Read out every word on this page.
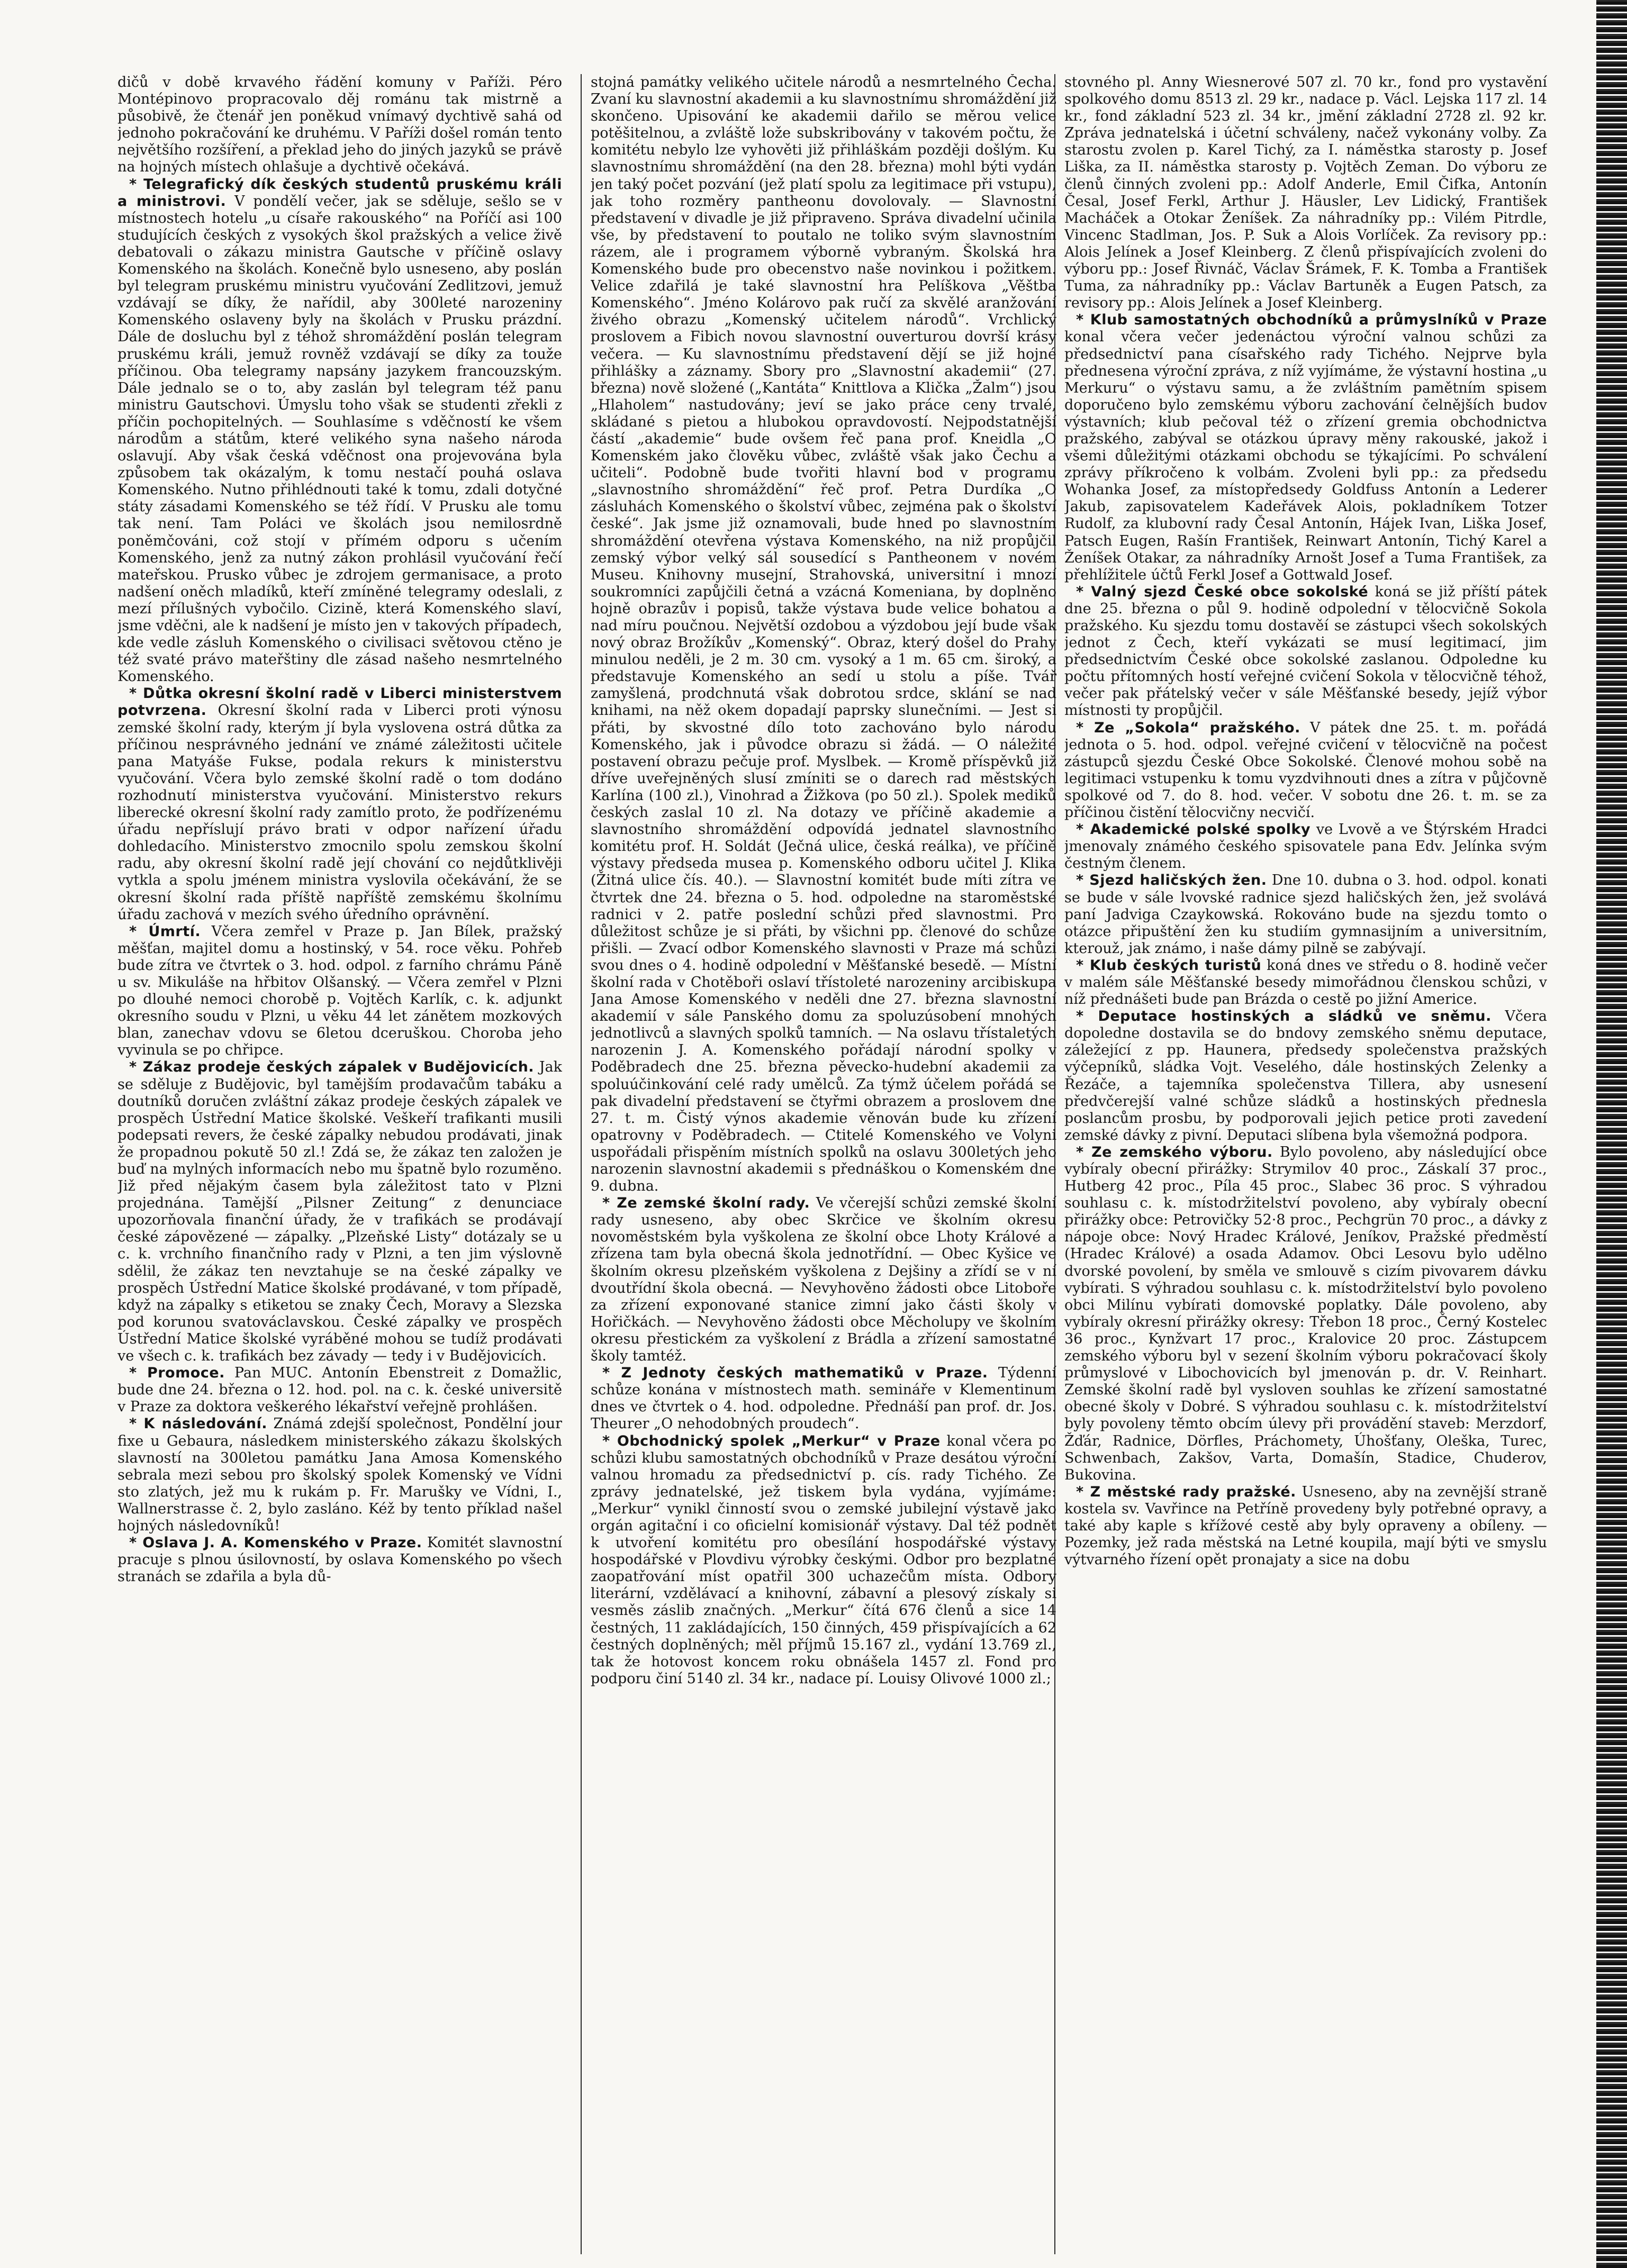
dičů v době krvavého řádění komuny v Paříži. Péro Montépinovo propracovalo děj románu tak mistrně a působivě, že čtenář jen poněkud vnímavý dychtivě sahá od jednoho pokračování ke druhému. V Paříži došel román tento největšího rozšíření, a překlad jeho do jiných jazyků se právě na hojných místech ohlašuje a dychtivě očekává.

* Telegrafický dík českých studentů pruskému králi a ministrovi. V pondělí večer, jak se sděluje, sešlo se v místnostech hotelu „u císaře rakouského“ na Poříčí asi 100 studujících českých z vysokých škol pražských a velice živě debatovali o zákazu ministra Gautsche v příčině oslavy Komenského na školách. Konečně bylo usneseno, aby poslán byl telegram pruskému ministru vyučování Zedlitzovi, jemuž vzdávají se díky, že nařídil, aby 300leté narozeniny Komenského oslaveny byly na školách v Prusku prázdní. Dále de dosluchu byl z téhož shromáždění poslán telegram pruskému králi, jemuž rovněž vzdávají se díky za touže příčinou. Oba telegramy napsány jazykem francouzským. Dále jednalo se o to, aby zaslán byl telegram též panu ministru Gautschovi. Úmyslu toho však se studenti zřekli z příčin pochopitelných. — Souhlasíme s vděčností ke všem národům a státům, které velikého syna našeho národa oslavují. Aby však česká vděčnost ona projevována byla způsobem tak okázalým, k tomu nestačí pouhá oslava Komenského. Nutno přihlédnouti také k tomu, zdali dotyčné státy zásadami Komenského se též řídí. V Prusku ale tomu tak není. Tam Poláci ve školách jsou nemilosrdně poněmčováni, což stojí v přímém odporu s učením Komenského, jenž za nutný zákon prohlásil vyučování řečí mateřskou. Prusko vůbec je zdrojem germanisace, a proto nadšení oněch mladíků, kteří zmíněné telegramy odeslali, z mezí přílušných vybočilo. Cizině, která Komenského slaví, jsme vděčni, ale k nadšení je místo jen v takových případech, kde vedle zásluh Komenského o civilisaci světovou ctěno je též svaté právo mateřštiny dle zásad našeho nesmrtelného Komenského.

* Důtka okresní školní radě v Liberci ministerstvem potvrzena. Okresní školní rada v Liberci proti výnosu zemské školní rady, kterým jí byla vyslovena ostrá důtka za příčinou nesprávného jednání ve známé záležitosti učitele pana Matyáše Fukse, podala rekurs k ministerstvu vyučování. Včera bylo zemské školní radě o tom dodáno rozhodnutí ministerstva vyučování. Ministerstvo rekurs liberecké okresní školní rady zamítlo proto, že podřízenému úřadu nepříslují právo brati v odpor nařízení úřadu dohledacího. Ministerstvo zmocnilo spolu zemskou školní radu, aby okresní školní radě její chování co nejdůtklivěji vytkla a spolu jménem ministra vyslovila očekávání, že se okresní školní rada příště napříště zemskému školnímu úřadu zachová v mezích svého úředního oprávnění.

* Úmrtí. Včera zemřel v Praze p. Jan Bílek, pražský měšťan, majitel domu a hostinský, v 54. roce věku. Pohřeb bude zítra ve čtvrtek o 3. hod. odpol. z farního chrámu Páně u sv. Mikuláše na hřbitov Olšanský. — Včera zemřel v Plzni po dlouhé nemoci chorobě p. Vojtěch Karlík, c. k. adjunkt okresního soudu v Plzni, u věku 44 let zánětem mozkových blan, zanechav vdovu se 6letou dceruškou. Choroba jeho vyvinula se po chřipce.

* Zákaz prodeje českých zápalek v Budějovicích. Jak se sděluje z Budějovic, byl tamějším prodavačům tabáku a doutníků doručen zvláštní zákaz prodeje českých zápalek ve prospěch Ústřední Matice školské. Veškeří trafikanti musili podepsati revers, že české zápalky nebudou prodávati, jinak že propadnou pokutě 50 zl.! Zdá se, že zákaz ten založen je buď na mylných informacích nebo mu špatně bylo rozuměno. Již před nějakým časem byla záležitost tato v Plzni projednána. Tamější „Pilsner Zeitung“ z denunciace upozorňovala finanční úřady, že v trafikách se prodávají české zápovězené — zápalky. „Plzeňské Listy“ dotázaly se u c. k. vrchního finančního rady v Plzni, a ten jim výslovně sdělil, že zákaz ten nevztahuje se na české zápalky ve prospěch Ústřední Matice školské prodávané, v tom případě, když na zápalky s etiketou se znaky Čech, Moravy a Slezska pod korunou svatováclavskou. České zápalky ve prospěch Ústřední Matice školské vyráběné mohou se tudíž prodávati ve všech c. k. trafikách bez závady — tedy i v Budějovicích.

* Promoce. Pan MUC. Antonín Ebenstreit z Domažlic, bude dne 24. března o 12. hod. pol. na c. k. české universitě v Praze za doktora veškerého lékařství veřejně prohlášen.

* K následování. Známá zdejší společnost, Pondělní jour fixe u Gebaura, následkem ministerského zákazu školských slavností na 300letou památku Jana Amosa Komenského sebrala mezi sebou pro školský spolek Komenský ve Vídni sto zlatých, jež mu k rukám p. Fr. Marušky ve Vídni, I., Wallnerstrasse č. 2, bylo zasláno. Kéž by tento příklad našel hojných následovníků!

* Oslava J. A. Komenského v Praze. Komitét slavnostní pracuje s plnou úsilovností, by oslava Komenského po všech stranách se zdařila a byla dů-

stojná památky velikého učitele národů a nesmrtelného Čecha. Zvaní ku slavnostní akademii a ku slavnostnímu shromáždění již skončeno. Upisování ke akademii dařilo se měrou velice potěšitelnou, a zvláště lože subskribovány v takovém počtu, že komitétu nebylo lze vyhověti již přihláškám později došlým. Ku slavnostnímu shromáždění (na den 28. března) mohl býti vydán jen taký počet pozvání (jež platí spolu za legitimace při vstupu), jak toho rozměry pantheonu dovolovaly. — Slavnostní představení v divadle je již připraveno. Správa divadelní učinila vše, by představení to poutalo ne toliko svým slavnostním rázem, ale i programem výborně vybraným. Školská hra Komenského bude pro obecenstvo naše novinkou i požitkem. Velice zdařilá je také slavnostní hra Pelíškova „Věštba Komenského“. Jméno Kolárovo pak ručí za skvělé aranžování živého obrazu „Komenský učitelem národů“. Vrchlický proslovem a Fibich novou slavnostní ouverturou dovrší krásy večera. — Ku slavnostnímu představení dějí se již hojné přihlášky a záznamy. Sbory pro „Slavnostní akademii“ (27. března) nově složené („Kantáta“ Knittlova a Klička „Žalm“) jsou „Hlaholem“ nastudovány; jeví se jako práce ceny trvalé, skládané s pietou a hlubokou opravdovostí. Nejpodstatnější částí „akademie“ bude ovšem řeč pana prof. Kneidla „O Komenském jako člověku vůbec, zvláště však jako Čechu a učiteli“. Podobně bude tvořiti hlavní bod v programu „slavnostního shromáždění“ řeč prof. Petra Durdíka „O zásluhách Komenského o školství vůbec, zejména pak o školství české“. Jak jsme již oznamovali, bude hned po slavnostním shromáždění otevřena výstava Komenského, na niž propůjčil zemský výbor velký sál sousedící s Pantheonem v novém Museu. Knihovny musejní, Strahovská, universitní i mnozí soukromníci zapůjčili četná a vzácná Komeniana, by doplněno hojně obrazův i popisů, takže výstava bude velice bohatou a nad míru poučnou. Největší ozdobou a výzdobou její bude však nový obraz Brožíkův „Komenský“. Obraz, který došel do Prahy minulou neděli, je 2 m. 30 cm. vysoký a 1 m. 65 cm. široký, a představuje Komenského an sedí u stolu a píše. Tvář zamyšlená, prodchnutá však dobrotou srdce, sklání se nad knihami, na něž okem dopadají paprsky slunečními. — Jest si přáti, by skvostné dílo toto zachováno bylo národu Komenského, jak i původce obrazu si žádá. — O náležité postavení obrazu pečuje prof. Myslbek. — Kromě příspěvků již dříve uveřejněných slusí zmíniti se o darech rad městských Karlína (100 zl.), Vinohrad a Žižkova (po 50 zl.). Spolek mediků českých zaslal 10 zl. Na dotazy ve příčině akademie a slavnostního shromáždění odpovídá jednatel slavnostního komitétu prof. H. Soldát (Ječná ulice, česká reálka), ve příčině výstavy předseda musea p. Komenského odboru učitel J. Klika (Žitná ulice čís. 40.). — Slavnostní komitét bude míti zítra ve čtvrtek dne 24. března o 5. hod. odpoledne na staroměstské radnici v 2. patře poslední schůzi před slavnostmi. Pro důležitost schůze je si přáti, by všichni pp. členové do schůze přišli. — Zvací odbor Komenského slavnosti v Praze má schůzi svou dnes o 4. hodině odpolední v Měšťanské besedě. — Místní školní rada v Chotěboři oslaví třístoleté narozeniny arcibiskupa Jana Amose Komenského v neděli dne 27. března slavnostní akademií v sále Panského domu za spoluzúsobení mnohých jednotlivců a slavných spolků tamních. — Na oslavu třístaletých narozenin J. A. Komenského pořádají národní spolky v Poděbradech dne 25. března pěvecko-hudební akademii za spoluúčinkování celé rady umělců. Za týmž účelem pořádá se pak divadelní představení se čtyřmi obrazem a proslovem dne 27. t. m. Čistý výnos akademie věnován bude ku zřízení opatrovny v Poděbradech. — Ctitelé Komenského ve Volyni uspořádali přispěním místních spolků na oslavu 300letých jeho narozenin slavnostní akademii s přednáškou o Komenském dne 9. dubna.

* Ze zemské školní rady. Ve včerejší schůzi zemské školní rady usneseno, aby obec Skrčice ve školním okresu novoměstském byla vyškolena ze školní obce Lhoty Králové a zřízena tam byla obecná škola jednotřídní. — Obec Kyšice ve školním okresu plzeňském vyškolena z Dejšiny a zřídí se v ní dvoutřídní škola obecná. — Nevyhověno žádosti obce Litoboře za zřízení exponované stanice zimní jako části školy v Hořičkách. — Nevyhověno žádosti obce Měcholupy ve školním okresu přestickém za vyškolení z Brádla a zřízení samostatné školy tamtéž.

* Z Jednoty českých mathematiků v Praze. Týdenní schůze konána v místnostech math. semináře v Klementinum dnes ve čtvrtek o 4. hod. odpoledne. Přednáší pan prof. dr. Jos. Theurer „O nehodobných proudech“.

* Obchodnický spolek „Merkur“ v Praze konal včera po schůzi klubu samostatných obchodníků v Praze desátou výroční valnou hromadu za předsednictví p. cís. rady Tichého. Ze zprávy jednatelské, jež tiskem byla vydána, vyjímáme: „Merkur“ vynikl činností svou o zemské jubilejní výstavě jako orgán agitační i co oficielní komisionář výstavy. Dal též podnět k utvoření komitétu pro obesílání hospodářské výstavy hospodářské v Plovdivu výrobky českými. Odbor pro bezplatné zaopatřování míst opatřil 300 uchazečům místa. Odbory literární, vzdělávací a knihovní, zábavní a plesový získaly si vesměs záslib značných. „Merkur“ čítá 676 členů a sice 14 čestných, 11 zakládajících, 150 činných, 459 přispívajících a 62 čestných doplněných; měl příjmů 15.167 zl., vydání 13.769 zl., tak že hotovost koncem roku obnášela 1457 zl. Fond pro podporu činí 5140 zl. 34 kr., nadace pí. Louisy Olivové 1000 zl.;

stovného pl. Anny Wiesnerové 507 zl. 70 kr., fond pro vystavění spolkového domu 8513 zl. 29 kr., nadace p. Václ. Lejska 117 zl. 14 kr., fond základní 523 zl. 34 kr., jmění základní 2728 zl. 92 kr. Zpráva jednatelská i účetní schváleny, načež vykonány volby. Za starostu zvolen p. Karel Tichý, za I. náměstka starosty p. Josef Liška, za II. náměstka starosty p. Vojtěch Zeman. Do výboru ze členů činných zvoleni pp.: Adolf Anderle, Emil Čifka, Antonín Česal, Josef Ferkl, Arthur J. Häusler, Lev Lidický, František Macháček a Otokar Ženíšek. Za náhradníky pp.: Vilém Pitrdle, Vincenc Stadlman, Jos. P. Suk a Alois Vorlíček. Za revisory pp.: Alois Jelínek a Josef Kleinberg. Z členů přispívajících zvoleni do výboru pp.: Josef Řivnáč, Václav Šrámek, F. K. Tomba a František Tuma, za náhradníky pp.: Václav Bartuněk a Eugen Patsch, za revisory pp.: Alois Jelínek a Josef Kleinberg.

* Klub samostatných obchodníků a průmyslníků v Praze konal včera večer jedenáctou výroční valnou schůzi za předsednictví pana císařského rady Tichého. Nejprve byla přednesena výroční zpráva, z níž vyjímáme, že výstavní hostina „u Merkuru“ o výstavu samu, a že zvláštním pamětním spisem doporučeno bylo zemskému výboru zachování čelnějších budov výstavních; klub pečoval též o zřízení gremia obchodnictva pražského, zabýval se otázkou úpravy měny rakouské, jakož i všemi důležitými otázkami obchodu se týkajícími. Po schválení zprávy příkročeno k volbám. Zvoleni byli pp.: za předsedu Wohanka Josef, za místopředsedy Goldfuss Antonín a Lederer Jakub, zapisovatelem Kadeřávek Alois, pokladníkem Totzer Rudolf, za klubovní rady Česal Antonín, Hájek Ivan, Liška Josef, Patsch Eugen, Rašín František, Reinwart Antonín, Tichý Karel a Ženíšek Otakar, za náhradníky Arnošt Josef a Tuma František, za přehlížitele účtů Ferkl Josef a Gottwald Josef.

* Valný sjezd České obce sokolské koná se již příští pátek dne 25. března o půl 9. hodině odpolední v tělocvičně Sokola pražského. Ku sjezdu tomu dostavěí se zástupci všech sokolských jednot z Čech, kteří vykázati se musí legitimací, jim předsednictvím České obce sokolské zaslanou. Odpoledne ku počtu přítomných hostí veřejné cvičení Sokola v tělocvičně téhož, večer pak přátelský večer v sále Měšťanské besedy, jejíž výbor místnosti ty propůjčil.

* Ze „Sokola“ pražského. V pátek dne 25. t. m. pořádá jednota o 5. hod. odpol. veřejné cvičení v tělocvičně na počest zástupců sjezdu České Obce Sokolské. Členové mohou sobě na legitimaci vstupenku k tomu vyzdvihnouti dnes a zítra v půjčovně spolkové od 7. do 8. hod. večer. V sobotu dne 26. t. m. se za příčinou čistění tělocvičny necvičí.

* Akademické polské spolky ve Lvově a ve Štýrském Hradci jmenovaly známého českého spisovatele pana Edv. Jelínka svým čestným členem.

* Sjezd haličských žen. Dne 10. dubna o 3. hod. odpol. konati se bude v sále lvovské radnice sjezd haličských žen, jež svolává paní Jadviga Czaykowská. Rokováno bude na sjezdu tomto o otázce připuštění žen ku studiím gymnasijním a universitním, kterouž, jak známo, i naše dámy pilně se zabývají.

* Klub českých turistů koná dnes ve středu o 8. hodině večer v malém sále Měšťanské besedy mimořádnou členskou schůzi, v níž přednášeti bude pan Brázda o cestě po jižní Americe.

* Deputace hostinských a sládků ve sněmu. Včera dopoledne dostavila se do bndovy zemského sněmu deputace, záležející z pp. Haunera, předsedy společenstva pražských výčepníků, sládka Vojt. Veselého, dále hostinských Zelenky a Řezáče, a tajemníka společenstva Tillera, aby usnesení předvčerejší valné schůze sládků a hostinských přednesla poslancům prosbu, by podporovali jejich petice proti zavedení zemské dávky z pivní. Deputaci slíbena byla všemožná podpora.

* Ze zemského výboru. Bylo povoleno, aby následující obce vybíraly obecní přirážky: Strymilov 40 proc., Záskalí 37 proc., Hutberg 42 proc., Píla 45 proc., Slabec 36 proc. S výhradou souhlasu c. k. místodržitelství povoleno, aby vybíraly obecní přirážky obce: Petrovičky 52·8 proc., Pechgrün 70 proc., a dávky z nápoje obce: Nový Hradec Králové, Jeníkov, Pražské předměstí (Hradec Králové) a osada Adamov. Obci Lesovu bylo udělno dvorské povolení, by směla ve smlouvě s cizím pivovarem dávku vybírati. S výhradou souhlasu c. k. místodržitelství bylo povoleno obci Milínu vybírati domovské poplatky. Dále povoleno, aby vybíraly okresní přirážky okresy: Třebon 18 proc., Černý Kostelec 36 proc., Kynžvart 17 proc., Kralovice 20 proc. Zástupcem zemského výboru byl v sezení školním výboru pokračovací školy průmyslové v Libochovicích byl jmenován p. dr. V. Reinhart. Zemské školní radě byl vysloven souhlas ke zřízení samostatné obecné školy v Dobré. S výhradou souhlasu c. k. místodržitelství byly povoleny těmto obcím úlevy při provádění staveb: Merzdorf, Žďár, Radnice, Dörfles, Práchomety, Úhošťany, Oleška, Turec, Schwenbach, Zakšov, Varta, Domašín, Stadice, Chuderov, Bukovina.

* Z městské rady pražské. Usneseno, aby na zevnější straně kostela sv. Vavřince na Petříně provedeny byly potřebné opravy, a také aby kaple s křížové cestě aby byly opraveny a obíleny. — Pozemky, jež rada městská na Letné koupila, mají býti ve smyslu výtvarného řízení opět pronajaty a sice na dobu
